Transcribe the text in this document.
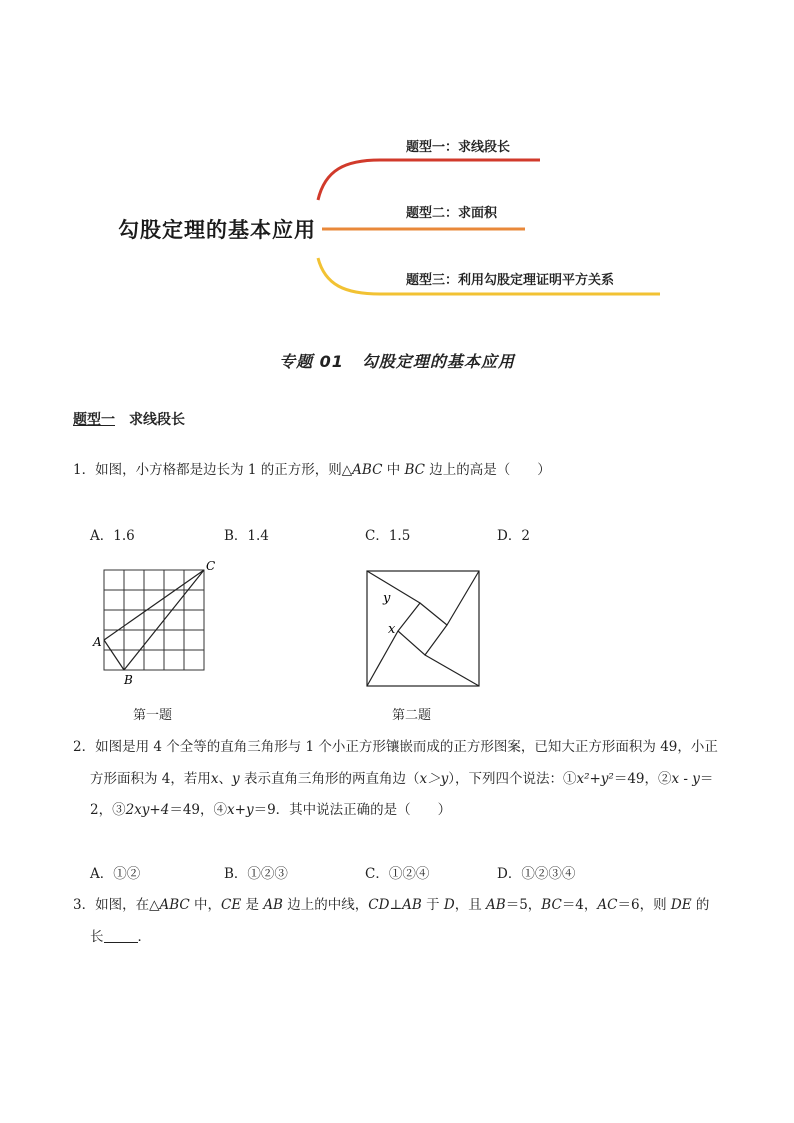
勾股定理的基本应用
题型一：求线段长
题型二：求面积
题型三：利用勾股定理证明平方关系
专题 01 勾股定理的基本应用
题型一 求线段长
1．如图，小方格都是边长为 1 的正方形，则△ABC 中 BC 边上的高是（　　）
A．1.6	B．1.4	C．1.5	D．2
A
B
C
第一题
y
x
第二题
2．如图是用 4 个全等的直角三角形与 1 个小正方形镶嵌而成的正方形图案，已知大正方形面积为 49，小正
方形面积为 4，若用x、y 表示直角三角形的两直角边（x＞y），下列四个说法：①x²+y²＝49，②x - y＝
2，③2xy+4＝49，④x+y＝9．其中说法正确的是（　　）
A．①②	B．①②③	C．①②④	D．①②③④
3．如图，在△ABC 中，CE 是 AB 边上的中线，CD⊥AB 于 D，且 AB＝5，BC＝4，AC＝6，则 DE 的
长	．
